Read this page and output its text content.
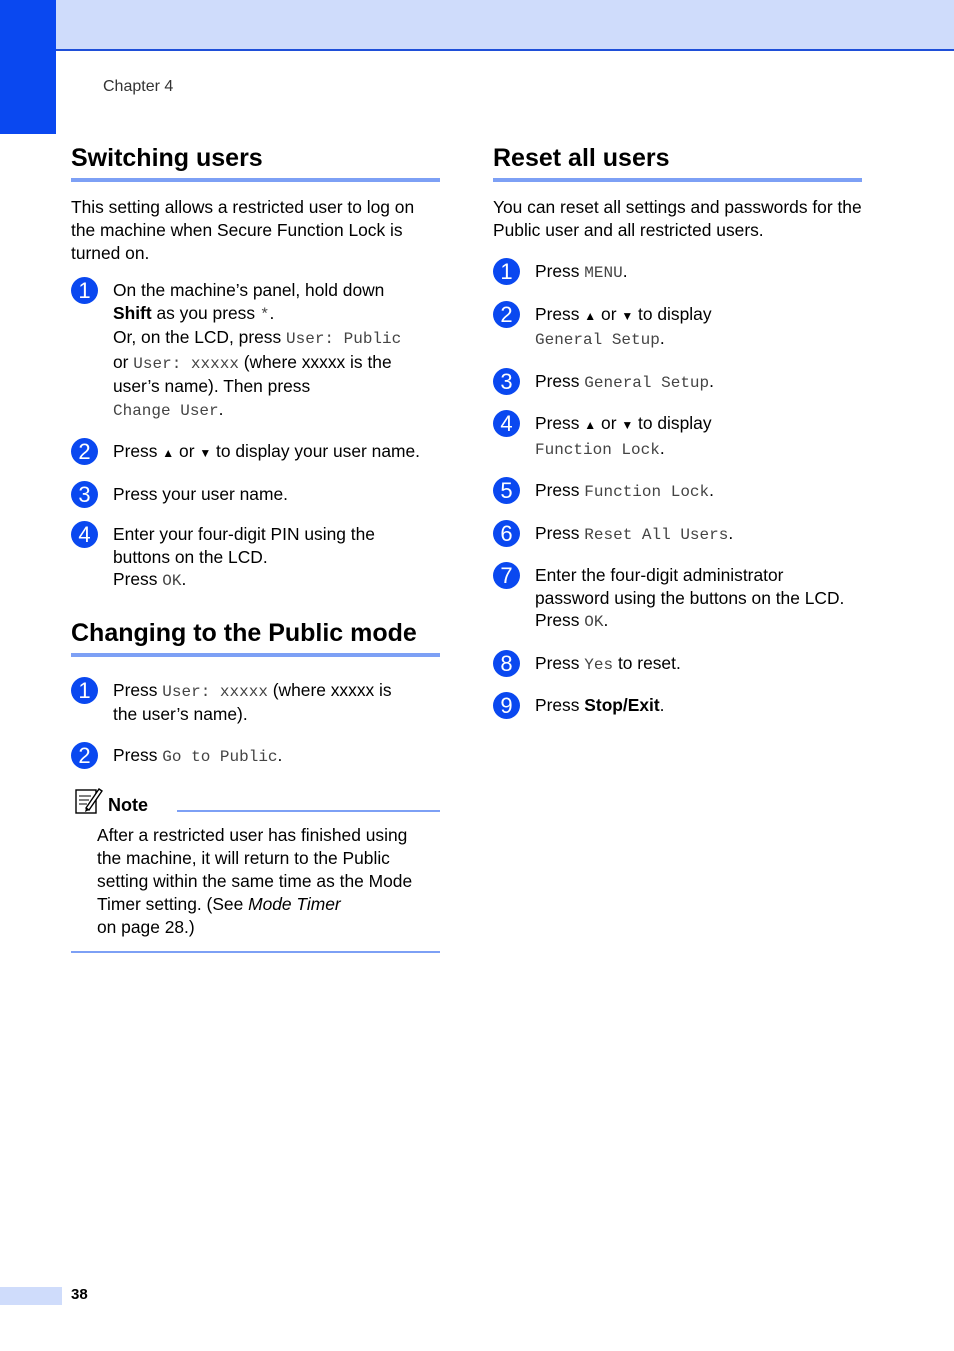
Chapter 4
Switching users

This setting allows a restricted user to log on the machine when Secure Function Lock is turned on.

1	On the machine’s panel, hold down
Shift as you press *.
Or, on the LCD, press User: Public
or User: xxxxx (where xxxxx is the
user’s name). Then press
Change User.
2	Press ▲ or ▼ to display your user name.
3	Press your user name.
4	Enter your four-digit PIN using the
buttons on the LCD.
Press OK.
Changing to the Public mode
1	Press User: xxxxx (where xxxxx is
the user’s name).
2	Press Go to Public.
Note
After a restricted user has finished using
the machine, it will return to the Public
setting within the same time as the Mode
Timer setting. (See Mode Timer
on page 28.)
Reset all users

You can reset all settings and passwords for the Public user and all restricted users.

1	Press MENU.
2	Press ▲ or ▼ to display
General Setup.
3	Press General Setup.
4	Press ▲ or ▼ to display
Function Lock.
5	Press Function Lock.
6	Press Reset All Users.
7	Enter the four-digit administrator
password using the buttons on the LCD.
Press OK.
8	Press Yes to reset.
9	Press Stop/Exit.
38
